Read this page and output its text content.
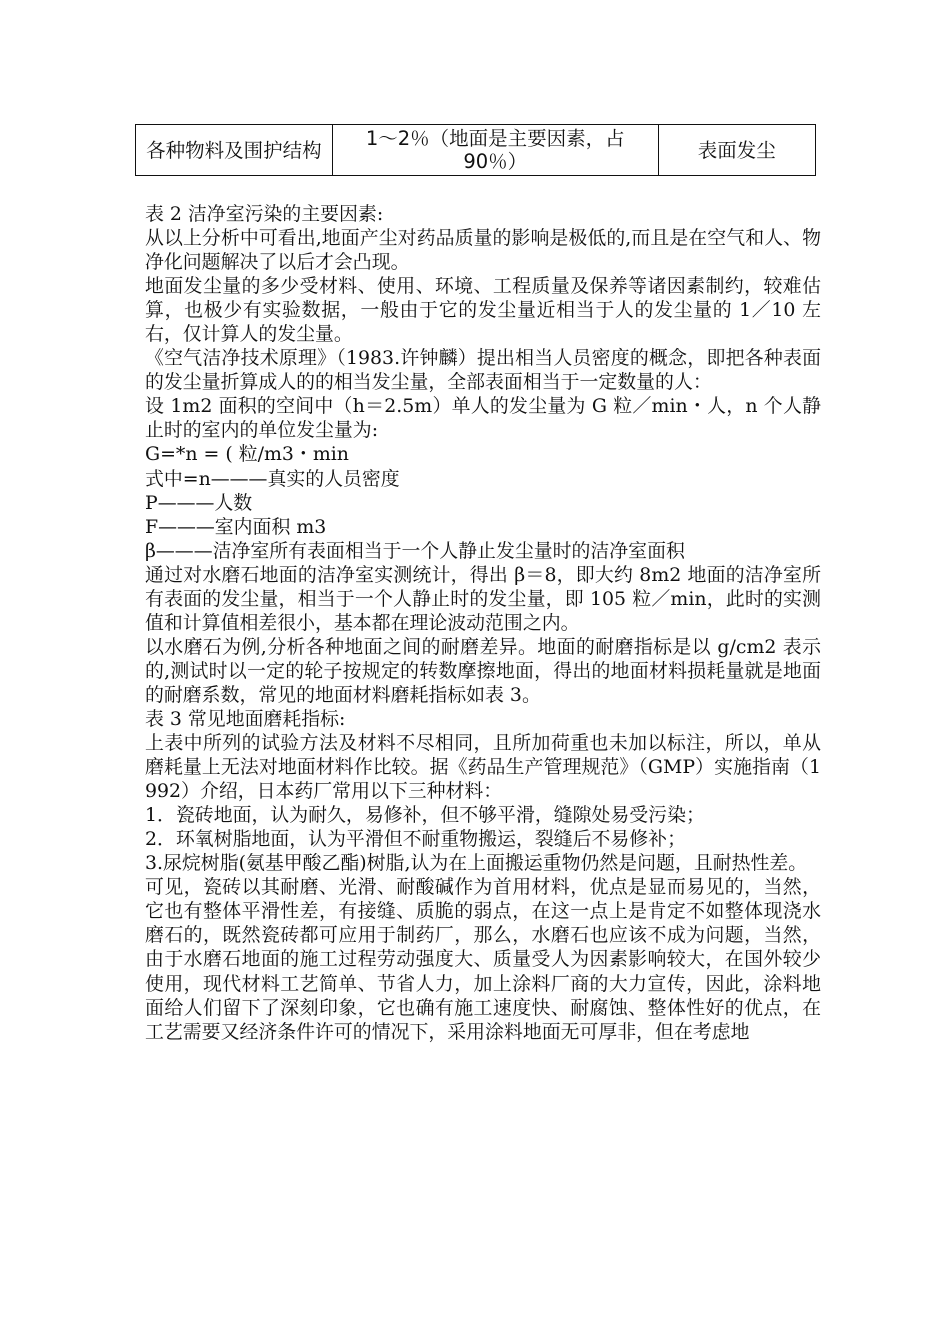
各种物料及围护结构	1～2％（地面是主要因素，占 90％）	表面发尘

表 2 洁净室污染的主要因素:

从以上分析中可看出,地面产尘对药品质量的影响是极低的,而且是在空气和人、物净化问题解决了以后才会凸现。

地面发尘量的多少受材料、使用、环境、工程质量及保养等诸因素制约，较难估算，也极少有实验数据，一般由于它的发尘量近相当于人的发尘量的 1／10 左右，仅计算人的发尘量。

《空气洁净技术原理》（1983.许钟麟）提出相当人员密度的概念，即把各种表面的发尘量折算成人的的相当发尘量，全部表面相当于一定数量的人：

设 1m2 面积的空间中（h＝2.5m）单人的发尘量为 G 粒／min・人，n 个人静止时的室内的单位发尘量为:

G=*n = ( 粒/m3・min

式中=n———真实的人员密度

P———人数

F———室内面积 m3

β———洁净室所有表面相当于一个人静止发尘量时的洁净室面积

通过对水磨石地面的洁净室实测统计，得出 β＝8，即大约 8m2 地面的洁净室所有表面的发尘量，相当于一个人静止时的发尘量，即 105 粒／min，此时的实测值和计算值相差很小，基本都在理论波动范围之内。

以水磨石为例,分析各种地面之间的耐磨差异。地面的耐磨指标是以 g/cm2 表示的,测试时以一定的轮子按规定的转数摩擦地面，得出的地面材料损耗量就是地面的耐磨系数，常见的地面材料磨耗指标如表 3。

表 3 常见地面磨耗指标:

上表中所列的试验方法及材料不尽相同，且所加荷重也未加以标注，所以，单从磨耗量上无法对地面材料作比较。据《药品生产管理规范》（GMP）实施指南（1992）介绍，日本药厂常用以下三种材料：

1．瓷砖地面，认为耐久，易修补，但不够平滑，缝隙处易受污染；

2．环氧树脂地面，认为平滑但不耐重物搬运，裂缝后不易修补；

3.尿烷树脂(氨基甲酸乙酯)树脂,认为在上面搬运重物仍然是问题，且耐热性差。

可见，瓷砖以其耐磨、光滑、耐酸碱作为首用材料，优点是显而易见的，当然，它也有整体平滑性差，有接缝、质脆的弱点，在这一点上是肯定不如整体现浇水磨石的，既然瓷砖都可应用于制药厂，那么，水磨石也应该不成为问题，当然，由于水磨石地面的施工过程劳动强度大、质量受人为因素影响较大，在国外较少使用，现代材料工艺简单、节省人力，加上涂料厂商的大力宣传，因此，涂料地面给人们留下了深刻印象，它也确有施工速度快、耐腐蚀、整体性好的优点，在工艺需要又经济条件许可的情况下，采用涂料地面无可厚非，但在考虑地
